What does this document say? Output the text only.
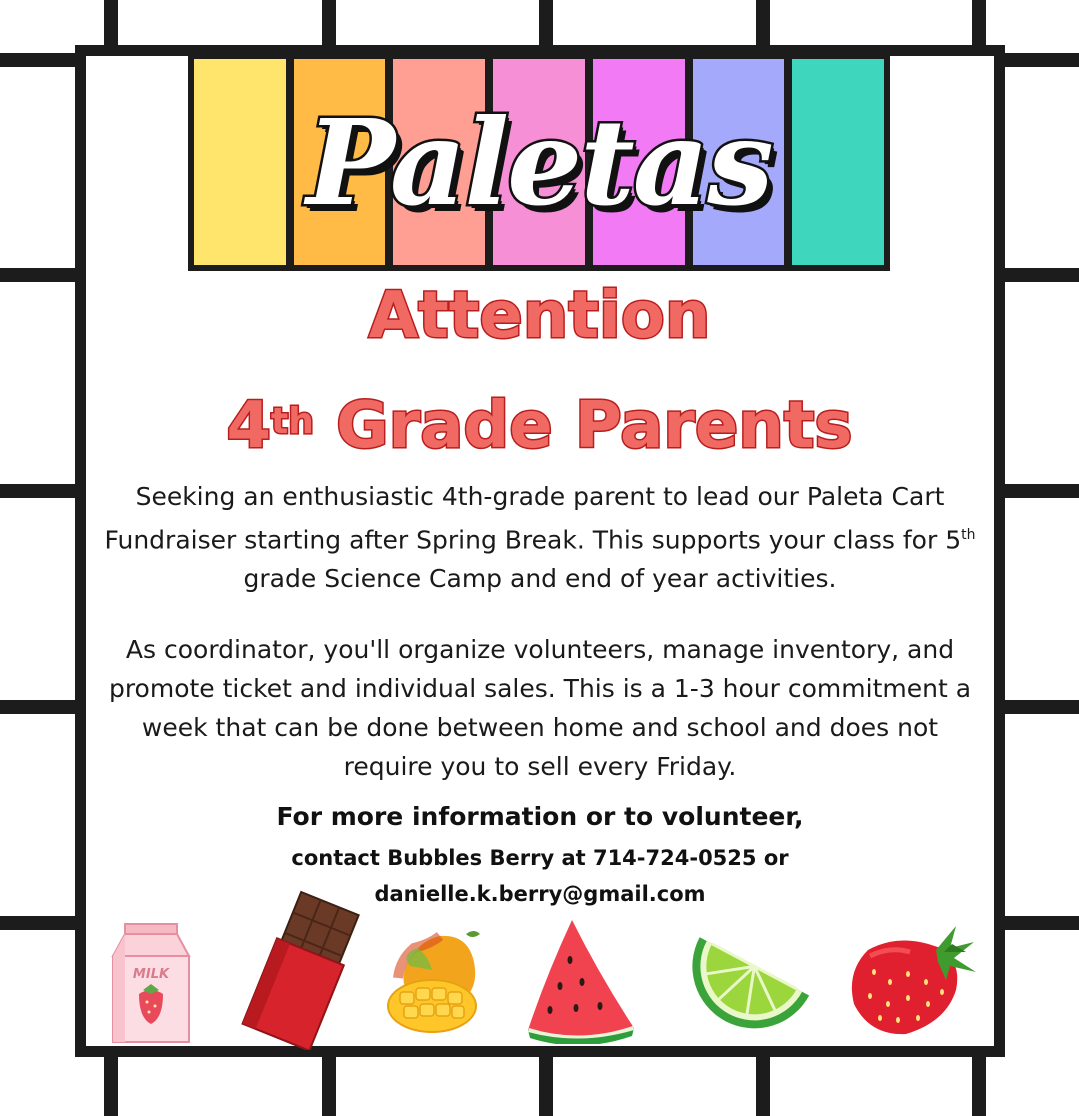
Paletas
Attention
4th Grade Parents

Seeking an enthusiastic 4th-grade parent to lead our Paleta Cart Fundraiser starting after Spring Break. This supports your class for 5th grade Science Camp and end of year activities.

As coordinator, you'll organize volunteers, manage inventory, and promote ticket and individual sales. This is a 1-3 hour commitment a week that can be done between home and school and does not require you to sell every Friday.

For more information or to volunteer,
contact Bubbles Berry at 714-724-0525 or
danielle.k.berry@gmail.com
MILK
